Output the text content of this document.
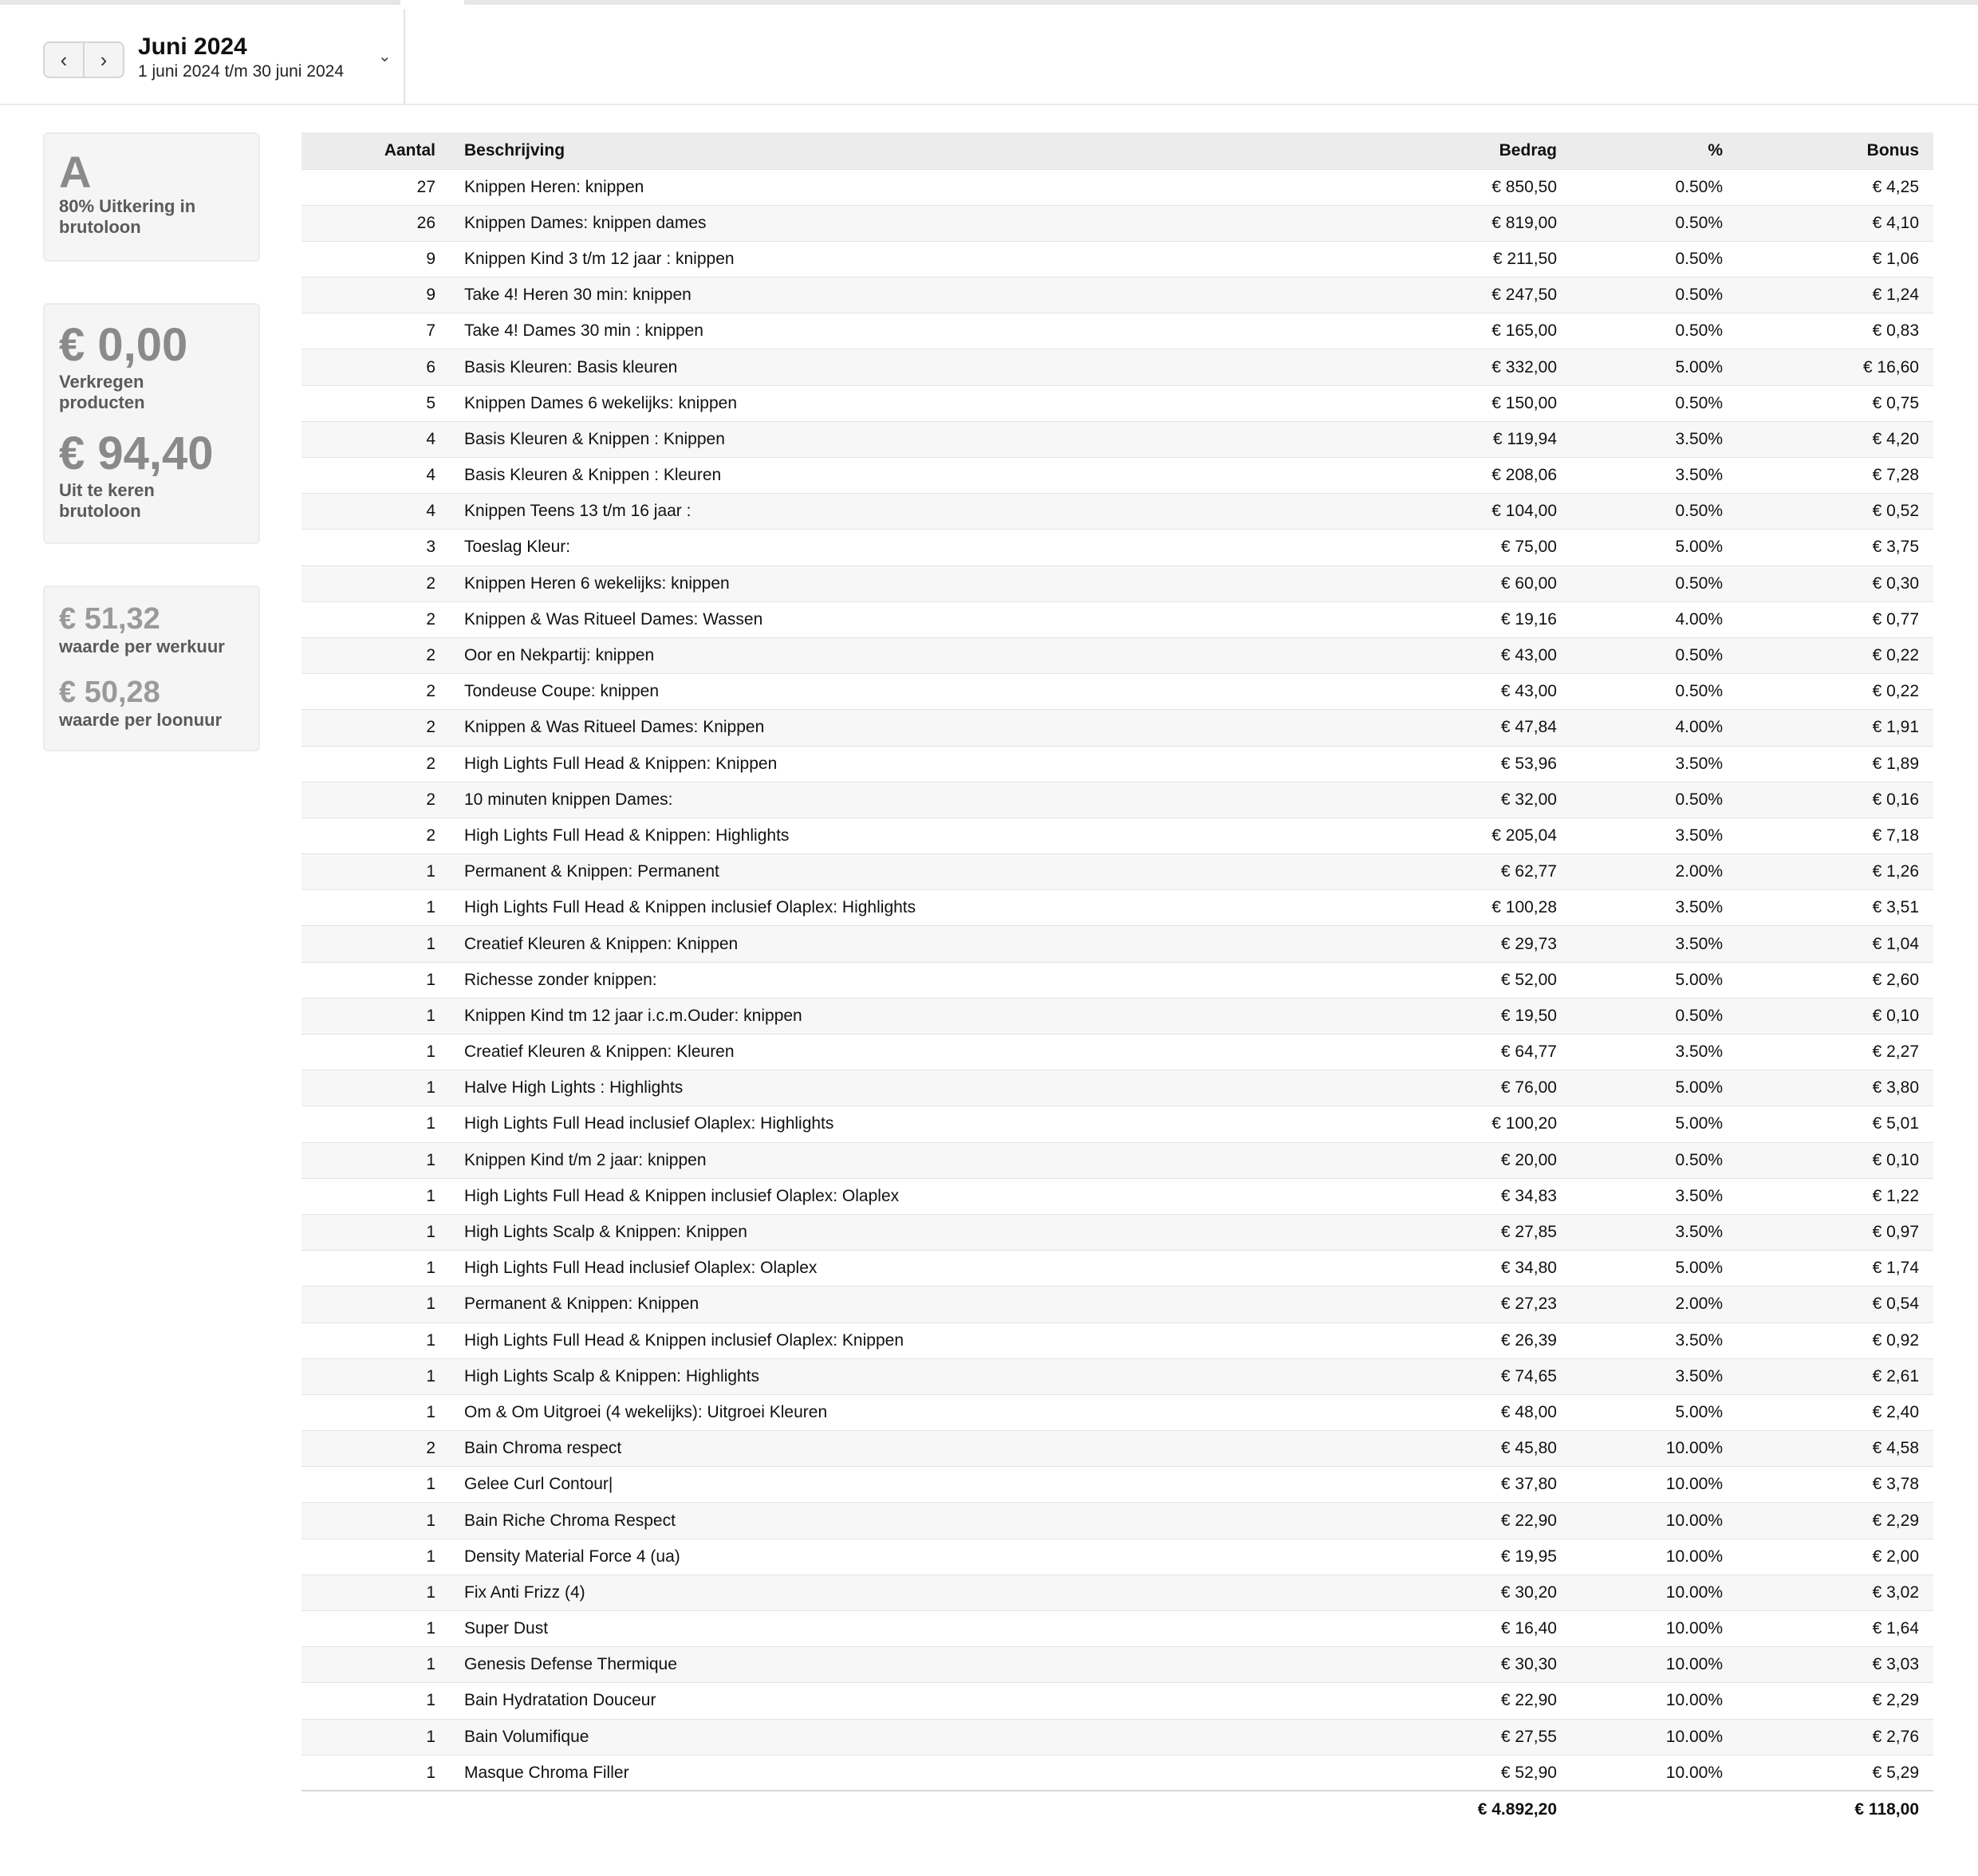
‹ › Juni 2024
1 juni 2024 t/m 30 juni 2024
⌄
A
80% Uitkering in brutoloon
€ 0,00
Verkregen producten
€ 94,40
Uit te keren brutoloon
€ 51,32
waarde per werkuur
€ 50,28
waarde per loonuur
Aantal	Beschrijving	Bedrag	%	Bonus
27	Knippen Heren: knippen	€ 850,50	0.50%	€ 4,25
26	Knippen Dames: knippen dames	€ 819,00	0.50%	€ 4,10
9	Knippen Kind 3 t/m 12 jaar : knippen	€ 211,50	0.50%	€ 1,06
9	Take 4! Heren 30 min: knippen	€ 247,50	0.50%	€ 1,24
7	Take 4! Dames 30 min : knippen	€ 165,00	0.50%	€ 0,83
6	Basis Kleuren: Basis kleuren	€ 332,00	5.00%	€ 16,60
5	Knippen Dames 6 wekelijks: knippen	€ 150,00	0.50%	€ 0,75
4	Basis Kleuren & Knippen : Knippen	€ 119,94	3.50%	€ 4,20
4	Basis Kleuren & Knippen : Kleuren	€ 208,06	3.50%	€ 7,28
4	Knippen Teens 13 t/m 16 jaar :	€ 104,00	0.50%	€ 0,52
3	Toeslag Kleur:	€ 75,00	5.00%	€ 3,75
2	Knippen Heren 6 wekelijks: knippen	€ 60,00	0.50%	€ 0,30
2	Knippen & Was Ritueel Dames: Wassen	€ 19,16	4.00%	€ 0,77
2	Oor en Nekpartij: knippen	€ 43,00	0.50%	€ 0,22
2	Tondeuse Coupe: knippen	€ 43,00	0.50%	€ 0,22
2	Knippen & Was Ritueel Dames: Knippen	€ 47,84	4.00%	€ 1,91
2	High Lights Full Head & Knippen: Knippen	€ 53,96	3.50%	€ 1,89
2	10 minuten knippen Dames:	€ 32,00	0.50%	€ 0,16
2	High Lights Full Head & Knippen: Highlights	€ 205,04	3.50%	€ 7,18
1	Permanent & Knippen: Permanent	€ 62,77	2.00%	€ 1,26
1	High Lights Full Head & Knippen inclusief Olaplex: Highlights	€ 100,28	3.50%	€ 3,51
1	Creatief Kleuren & Knippen: Knippen	€ 29,73	3.50%	€ 1,04
1	Richesse zonder knippen:	€ 52,00	5.00%	€ 2,60
1	Knippen Kind tm 12 jaar i.c.m.Ouder: knippen	€ 19,50	0.50%	€ 0,10
1	Creatief Kleuren & Knippen: Kleuren	€ 64,77	3.50%	€ 2,27
1	Halve High Lights : Highlights	€ 76,00	5.00%	€ 3,80
1	High Lights Full Head inclusief Olaplex: Highlights	€ 100,20	5.00%	€ 5,01
1	Knippen Kind t/m 2 jaar: knippen	€ 20,00	0.50%	€ 0,10
1	High Lights Full Head & Knippen inclusief Olaplex: Olaplex	€ 34,83	3.50%	€ 1,22
1	High Lights Scalp & Knippen: Knippen	€ 27,85	3.50%	€ 0,97
1	High Lights Full Head inclusief Olaplex: Olaplex	€ 34,80	5.00%	€ 1,74
1	Permanent & Knippen: Knippen	€ 27,23	2.00%	€ 0,54
1	High Lights Full Head & Knippen inclusief Olaplex: Knippen	€ 26,39	3.50%	€ 0,92
1	High Lights Scalp & Knippen: Highlights	€ 74,65	3.50%	€ 2,61
1	Om & Om Uitgroei (4 wekelijks): Uitgroei Kleuren	€ 48,00	5.00%	€ 2,40
2	Bain Chroma respect	€ 45,80	10.00%	€ 4,58
1	Gelee Curl Contour|	€ 37,80	10.00%	€ 3,78
1	Bain Riche Chroma Respect	€ 22,90	10.00%	€ 2,29
1	Density Material Force 4 (ua)	€ 19,95	10.00%	€ 2,00
1	Fix Anti Frizz (4)	€ 30,20	10.00%	€ 3,02
1	Super Dust	€ 16,40	10.00%	€ 1,64
1	Genesis Defense Thermique	€ 30,30	10.00%	€ 3,03
1	Bain Hydratation Douceur	€ 22,90	10.00%	€ 2,29
1	Bain Volumifique	€ 27,55	10.00%	€ 2,76
1	Masque Chroma Filler	€ 52,90	10.00%	€ 5,29
		€ 4.892,20		€ 118,00
